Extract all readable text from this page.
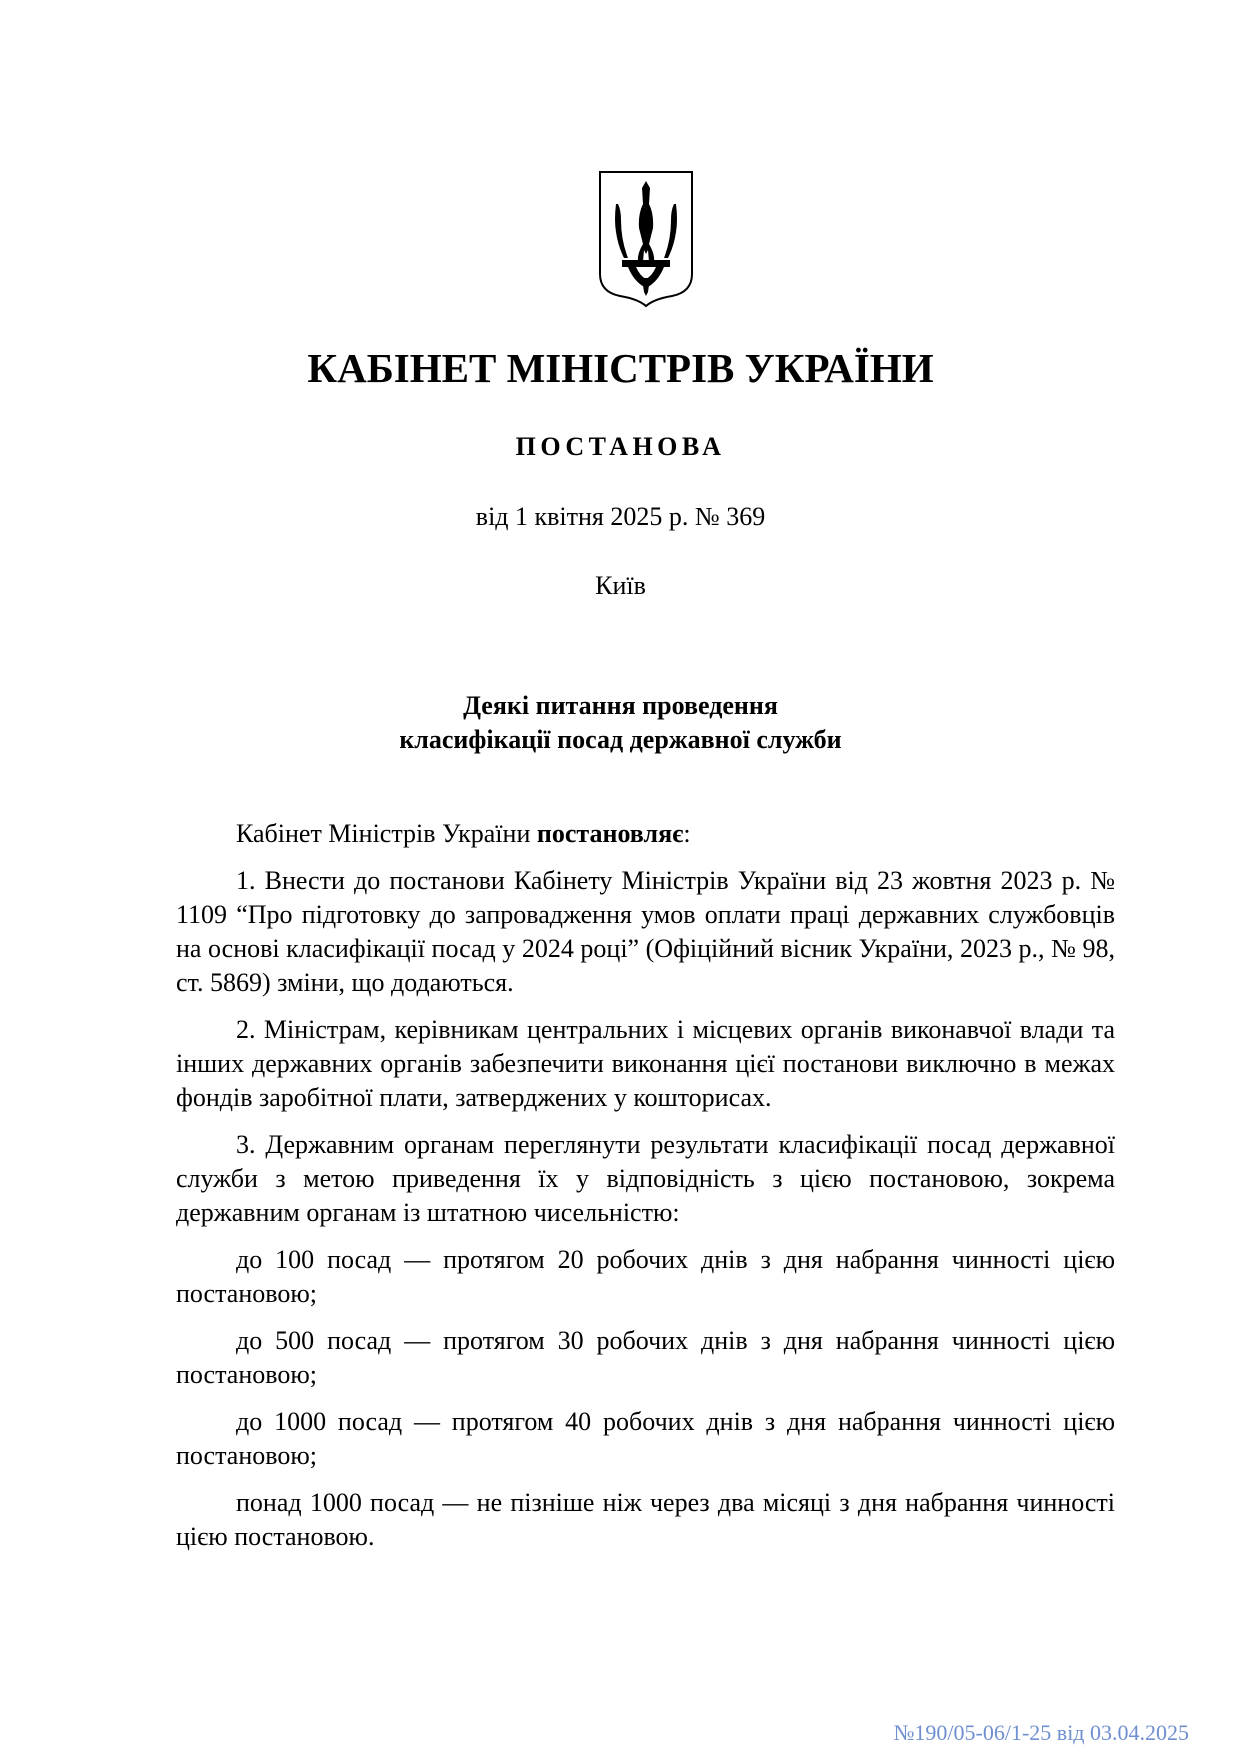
КАБІНЕТ МІНІСТРІВ УКРАЇНИ
ПОСТАНОВА
від 1 квітня 2025 р. № 369
Київ
Деякі питання проведення
класифікації посад державної служби

Кабінет Міністрів України постановляє:

1. Внести до постанови Кабінету Міністрів України від 23 жовтня 2023 р. № 1109 “Про підготовку до запровадження умов оплати праці державних службовців на основі класифікації посад у 2024 році” (Офіційний вісник України, 2023 р., № 98, ст. 5869) зміни, що додаються.

2. Міністрам, керівникам центральних і місцевих органів виконавчої влади та інших державних органів забезпечити виконання цієї постанови виключно в межах фондів заробітної плати, затверджених у кошторисах.

3. Державним органам переглянути результати класифікації посад державної служби з метою приведення їх у відповідність з цією постановою, зокрема державним органам із штатною чисельністю:

до 100 посад — протягом 20 робочих днів з дня набрання чинності цією постановою;

до 500 посад — протягом 30 робочих днів з дня набрання чинності цією постановою;

до 1000 посад — протягом 40 робочих днів з дня набрання чинності цією постановою;

понад 1000 посад — не пізніше ніж через два місяці з дня набрання чинності цією постановою.

№190/05-06/1-25 від 03.04.2025
